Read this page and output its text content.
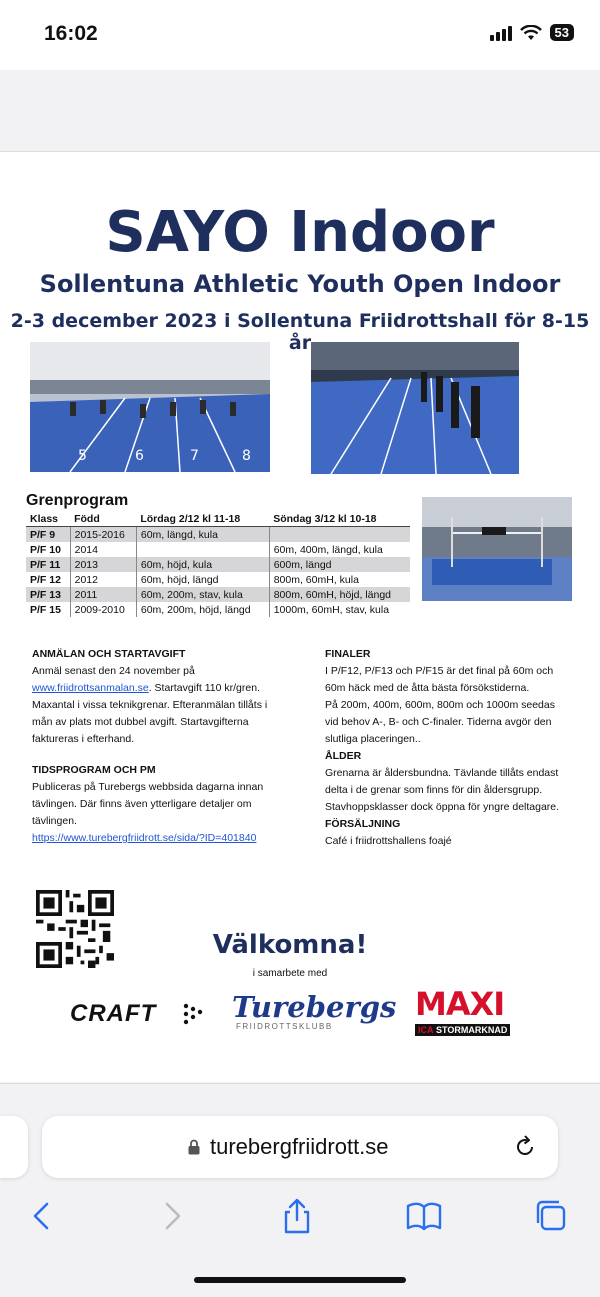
16:02	53
SAYO Indoor
Sollentuna Athletic Youth Open Indoor
2-3 december 2023 i Sollentuna Friidrottshall för 8-15 år
5	6	7	8
Grenprogram
Klass	Född	Lördag 2/12 kl 11-18	Söndag 3/12 kl 10-18
P/F 9	2015-2016	60m, längd, kula	
P/F 10	2014		60m, 400m, längd, kula
P/F 11	2013	60m, höjd, kula	600m, längd
P/F 12	2012	60m, höjd, längd	800m, 60mH, kula
P/F 13	2011	60m, 200m, stav, kula	800m, 60mH, höjd, längd
P/F 15	2009-2010	60m, 200m, höjd, längd	1000m, 60mH, stav, kula
ANMÄLAN OCH STARTAVGIFT

Anmäl senast den 24 november på
www.friidrottsanmalan.se. Startavgift 110 kr/gren. Maxantal i vissa teknikgrenar. Efteranmälan tillåts i mån av plats mot dubbel avgift. Startavgifterna faktureras i efterhand.

TIDSPROGRAM OCH PM

Publiceras på Turebergs webbsida dagarna innan tävlingen. Där finns även ytterligare detaljer om tävlingen.
https://www.turebergfriidrott.se/sida/?ID=401840

FINALER
I P/F12, P/F13 och P/F15 är det final på 60m och 60m häck med de åtta bästa försökstiderna.
På 200m, 400m, 600m, 800m och 1000m seedas vid behov A-, B- och C-finaler. Tiderna avgör den slutliga placeringen..
ÅLDER
Grenarna är åldersbundna. Tävlande tillåts endast delta i de grenar som finns för din åldersgrupp. Stavhoppsklasser dock öppna för yngre deltagare.
FÖRSÄLJNING
Café i friidrottshallens foajé
Välkomna!
i samarbete med
CRAFT	Turebergs
FRIIDROTTSKLUBB
MAXI
ICA STORMARKNAD
turebergfriidrott.se
